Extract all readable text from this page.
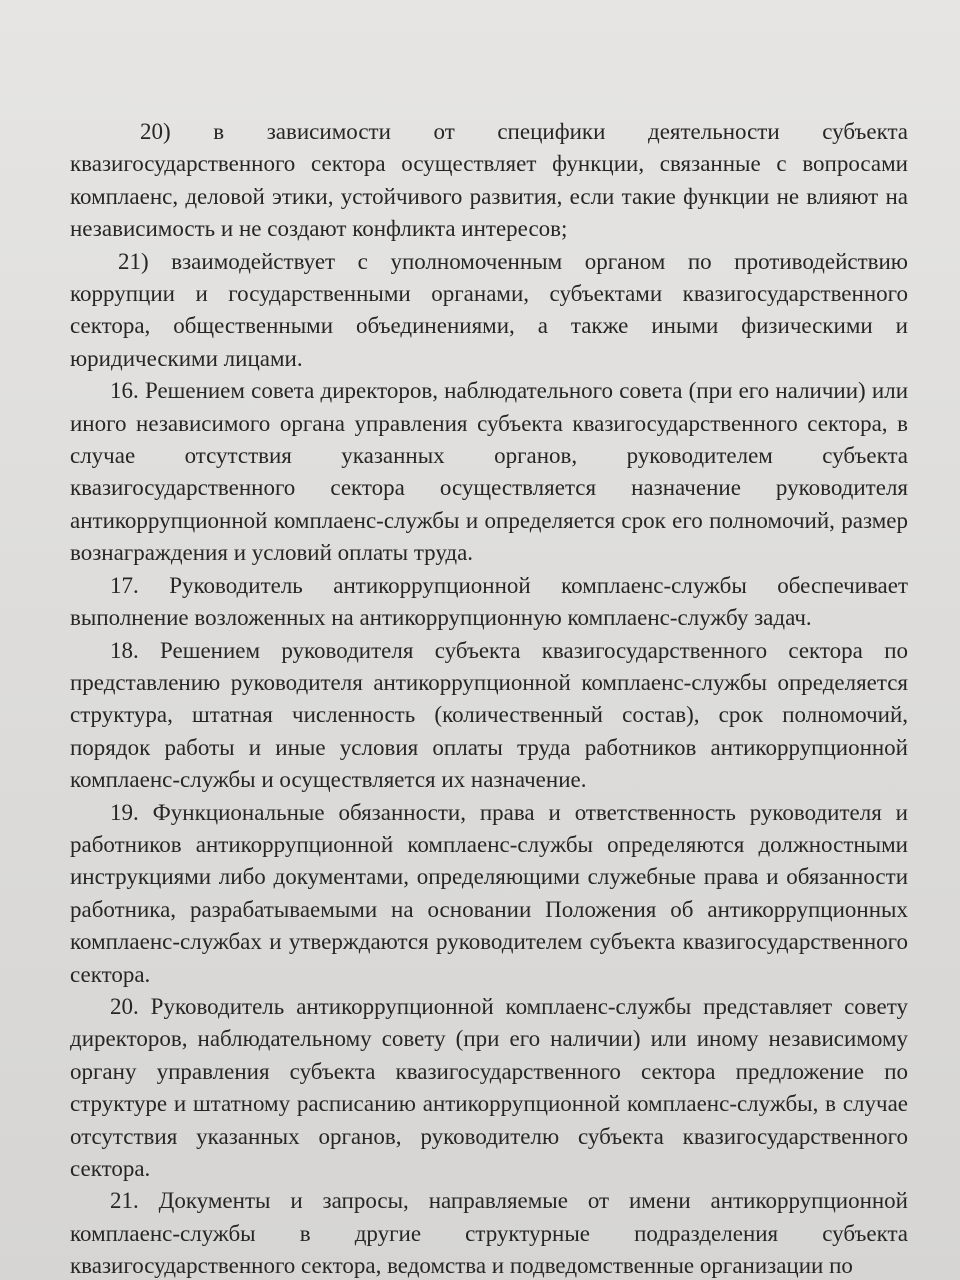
20) в зависимости от специфики деятельности субъекта квазигосударственного сектора осуществляет функции, связанные с вопросами комплаенс, деловой этики, устойчивого развития, если такие функции не влияют на независимость и не создают конфликта интересов;

21) взаимодействует с уполномоченным органом по противодействию коррупции и государственными органами, субъектами квазигосударственного сектора, общественными объединениями, а также иными физическими и юридическими лицами.

16. Решением совета директоров, наблюдательного совета (при его наличии) или иного независимого органа управления субъекта квазигосударственного сектора, в случае отсутствия указанных органов, руководителем субъекта квазигосударственного сектора осуществляется назначение руководителя антикоррупционной комплаенс-службы и определяется срок его полномочий, размер вознаграждения и условий оплаты труда.

17. Руководитель антикоррупционной комплаенс-службы обеспечивает выполнение возложенных на антикоррупционную комплаенс-службу задач.

18. Решением руководителя субъекта квазигосударственного сектора по представлению руководителя антикоррупционной комплаенс-службы определяется структура, штатная численность (количественный состав), срок полномочий, порядок работы и иные условия оплаты труда работников антикоррупционной комплаенс-службы и осуществляется их назначение.

19. Функциональные обязанности, права и ответственность руководителя и работников антикоррупционной комплаенс-службы определяются должностными инструкциями либо документами, определяющими служебные права и обязанности работника, разрабатываемыми на основании Положения об антикоррупционных комплаенс-службах и утверждаются руководителем субъекта квазигосударственного сектора.

20. Руководитель антикоррупционной комплаенс-службы представляет совету директоров, наблюдательному совету (при его наличии) или иному независимому органу управления субъекта квазигосударственного сектора предложение по структуре и штатному расписанию антикоррупционной комплаенс-службы, в случае отсутствия указанных органов, руководителю субъекта квазигосударственного сектора.

21. Документы и запросы, направляемые от имени антикоррупционной комплаенс-службы в другие структурные подразделения субъекта квазигосударственного сектора, ведомства и подведомственные организации по
